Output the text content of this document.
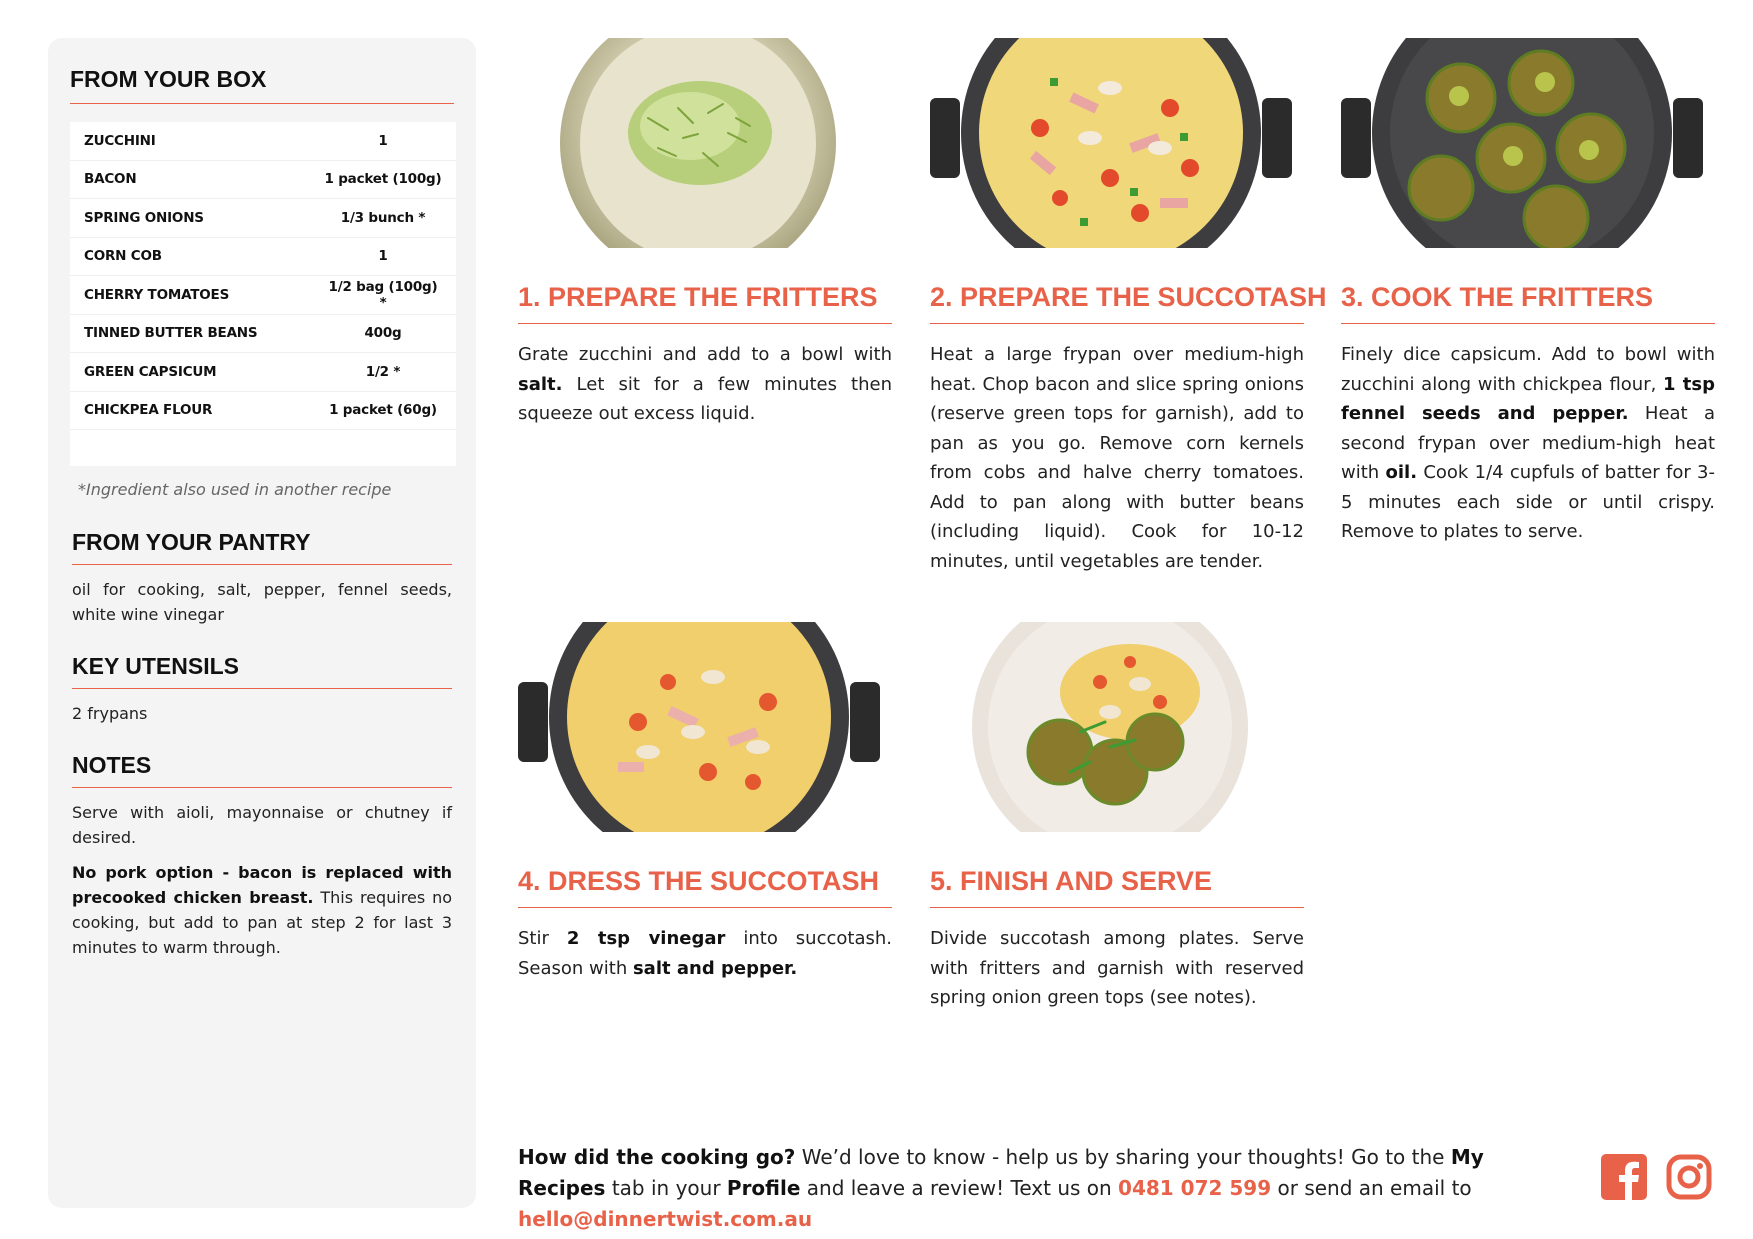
FROM YOUR BOX
ZUCCHINI	1
BACON	1 packet (100g)
SPRING ONIONS	1/3 bunch *
CORN COB	1
CHERRY TOMATOES	1/2 bag (100g) *
TINNED BUTTER BEANS	400g
GREEN CAPSICUM	1/2 *
CHICKPEA FLOUR	1 packet (60g)
*Ingredient also used in another recipe
FROM YOUR PANTRY
oil for cooking, salt, pepper, fennel seeds, white wine vinegar
KEY UTENSILS
2 frypans
NOTES
Serve with aioli, mayonnaise or chutney if desired.
No pork option - bacon is replaced with precooked chicken breast. This requires no cooking, but add to pan at step 2 for last 3 minutes to warm through.
1. PREPARE THE FRITTERS
Grate zucchini and add to a bowl with salt. Let sit for a few minutes then squeeze out excess liquid.
2. PREPARE THE SUCCOTASH
Heat a large frypan over medium-high heat. Chop bacon and slice spring onions (reserve green tops for garnish), add to pan as you go. Remove corn kernels from cobs and halve cherry tomatoes. Add to pan along with butter beans (including liquid). Cook for 10-12 minutes, until vegetables are tender.
3. COOK THE FRITTERS
Finely dice capsicum. Add to bowl with zucchini along with chickpea flour, 1 tsp fennel seeds and pepper. Heat a second frypan over medium-high heat with oil. Cook 1/4 cupfuls of batter for 3-5 minutes each side or until crispy. Remove to plates to serve.
4. DRESS THE SUCCOTASH
Stir 2 tsp vinegar into succotash. Season with salt and pepper.
5. FINISH AND SERVE
Divide succotash among plates. Serve with fritters and garnish with reserved spring onion green tops (see notes).
How did the cooking go? We’d love to know - help us by sharing your thoughts! Go to the My Recipes tab in your Profile and leave a review! Text us on 0481 072 599 or send an email to hello@dinnertwist.com.au
